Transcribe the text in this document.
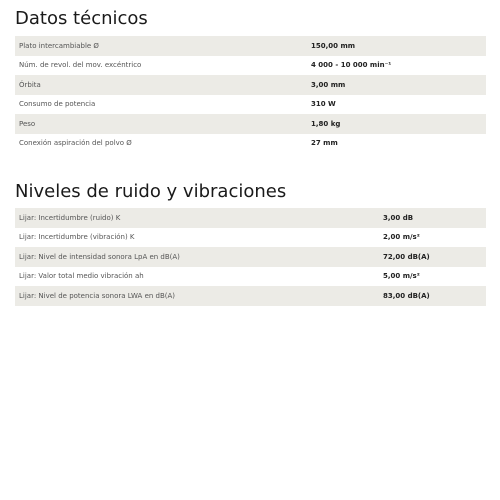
Datos técnicos
Plato intercambiable Ø	150,00 mm
Núm. de revol. del mov. excéntrico	4 000 - 10 000 min⁻¹
Órbita	3,00 mm
Consumo de potencia	310 W
Peso	1,80 kg
Conexión aspiración del polvo Ø	27 mm
Niveles de ruido y vibraciones
Lijar: Incertidumbre (ruido) K	3,00 dB
Lijar: Incertidumbre (vibración) K	2,00 m/s²
Lijar: Nivel de intensidad sonora LpA en dB(A)	72,00 dB(A)
Lijar: Valor total medio vibración ah	5,00 m/s²
Lijar: Nivel de potencia sonora LWA en dB(A)	83,00 dB(A)
